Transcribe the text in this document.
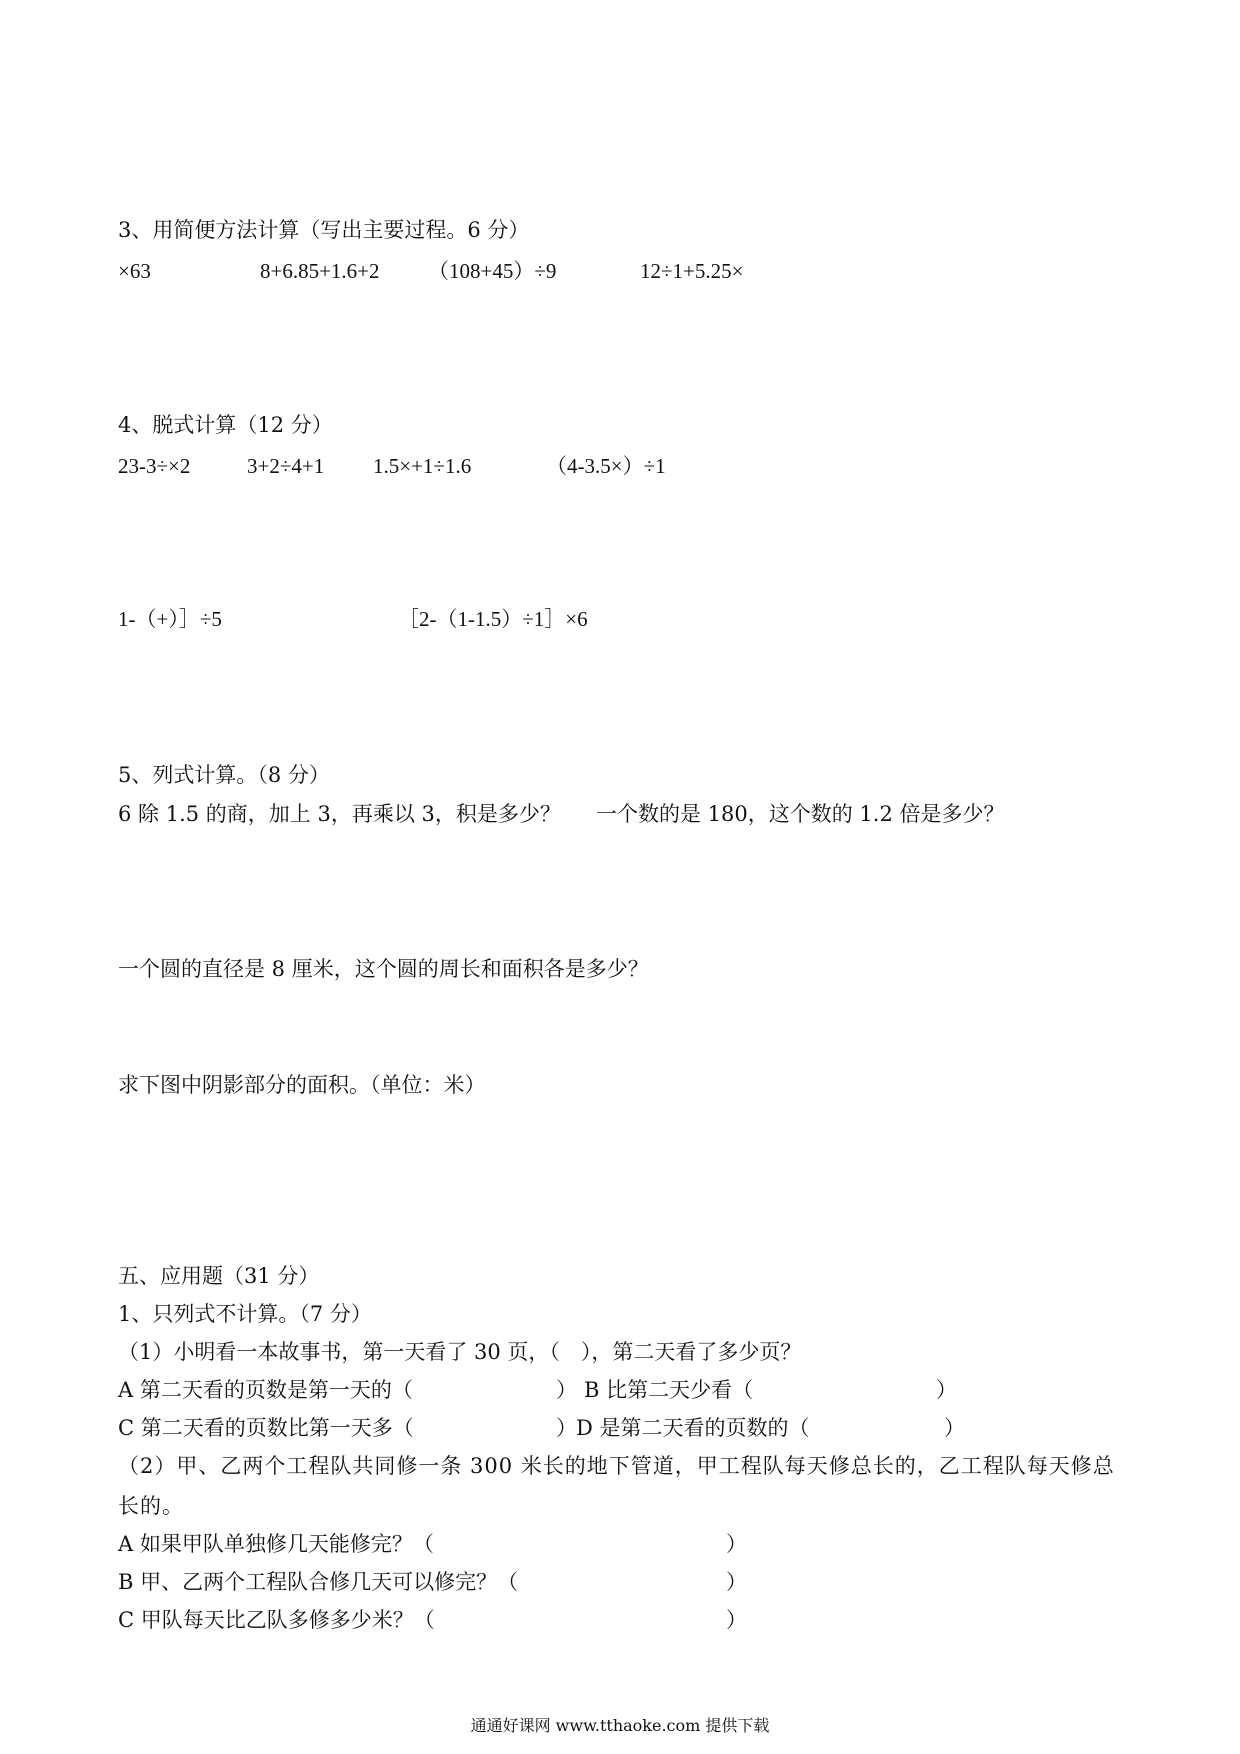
3、用简便方法计算（写出主要过程。6 分）
×63	8+6.85+1.6+2 （108+45）÷9	12÷1+5.25×
4、脱式计算（12 分）
23-3÷×2	3+2÷4+1 1.5×+1÷1.6	（4-3.5×）÷1
1-（+）］÷5	［2-（1-1.5）÷1］×6
5、列式计算。（8 分）
6 除 1.5 的商，加上 3，再乘以 3，积是多少？ 一个数的是 180，这个数的 1.2 倍是多少？
一个圆的直径是 8 厘米，这个圆的周长和面积各是多少？
求下图中阴影部分的面积。（单位：米）
五、应用题（31 分）
1、只列式不计算。（7 分）
（1）小明看一本故事书，第一天看了 30 页，（　），第二天看了多少页？
A 第二天看的页数是第一天的（	） B 比第二天少看（	）
C 第二天看的页数比第一天多（	） D 是第二天看的页数的（	）
（2）甲、乙两个工程队共同修一条 300 米长的地下管道，甲工程队每天修总长的，乙工程队每天修总长的。
A 如果甲队单独修几天能修完？（	）
B 甲、乙两个工程队合修几天可以修完？（	）
C 甲队每天比乙队多修多少米？（	）
通通好课网 www.tthaoke.com 提供下载
